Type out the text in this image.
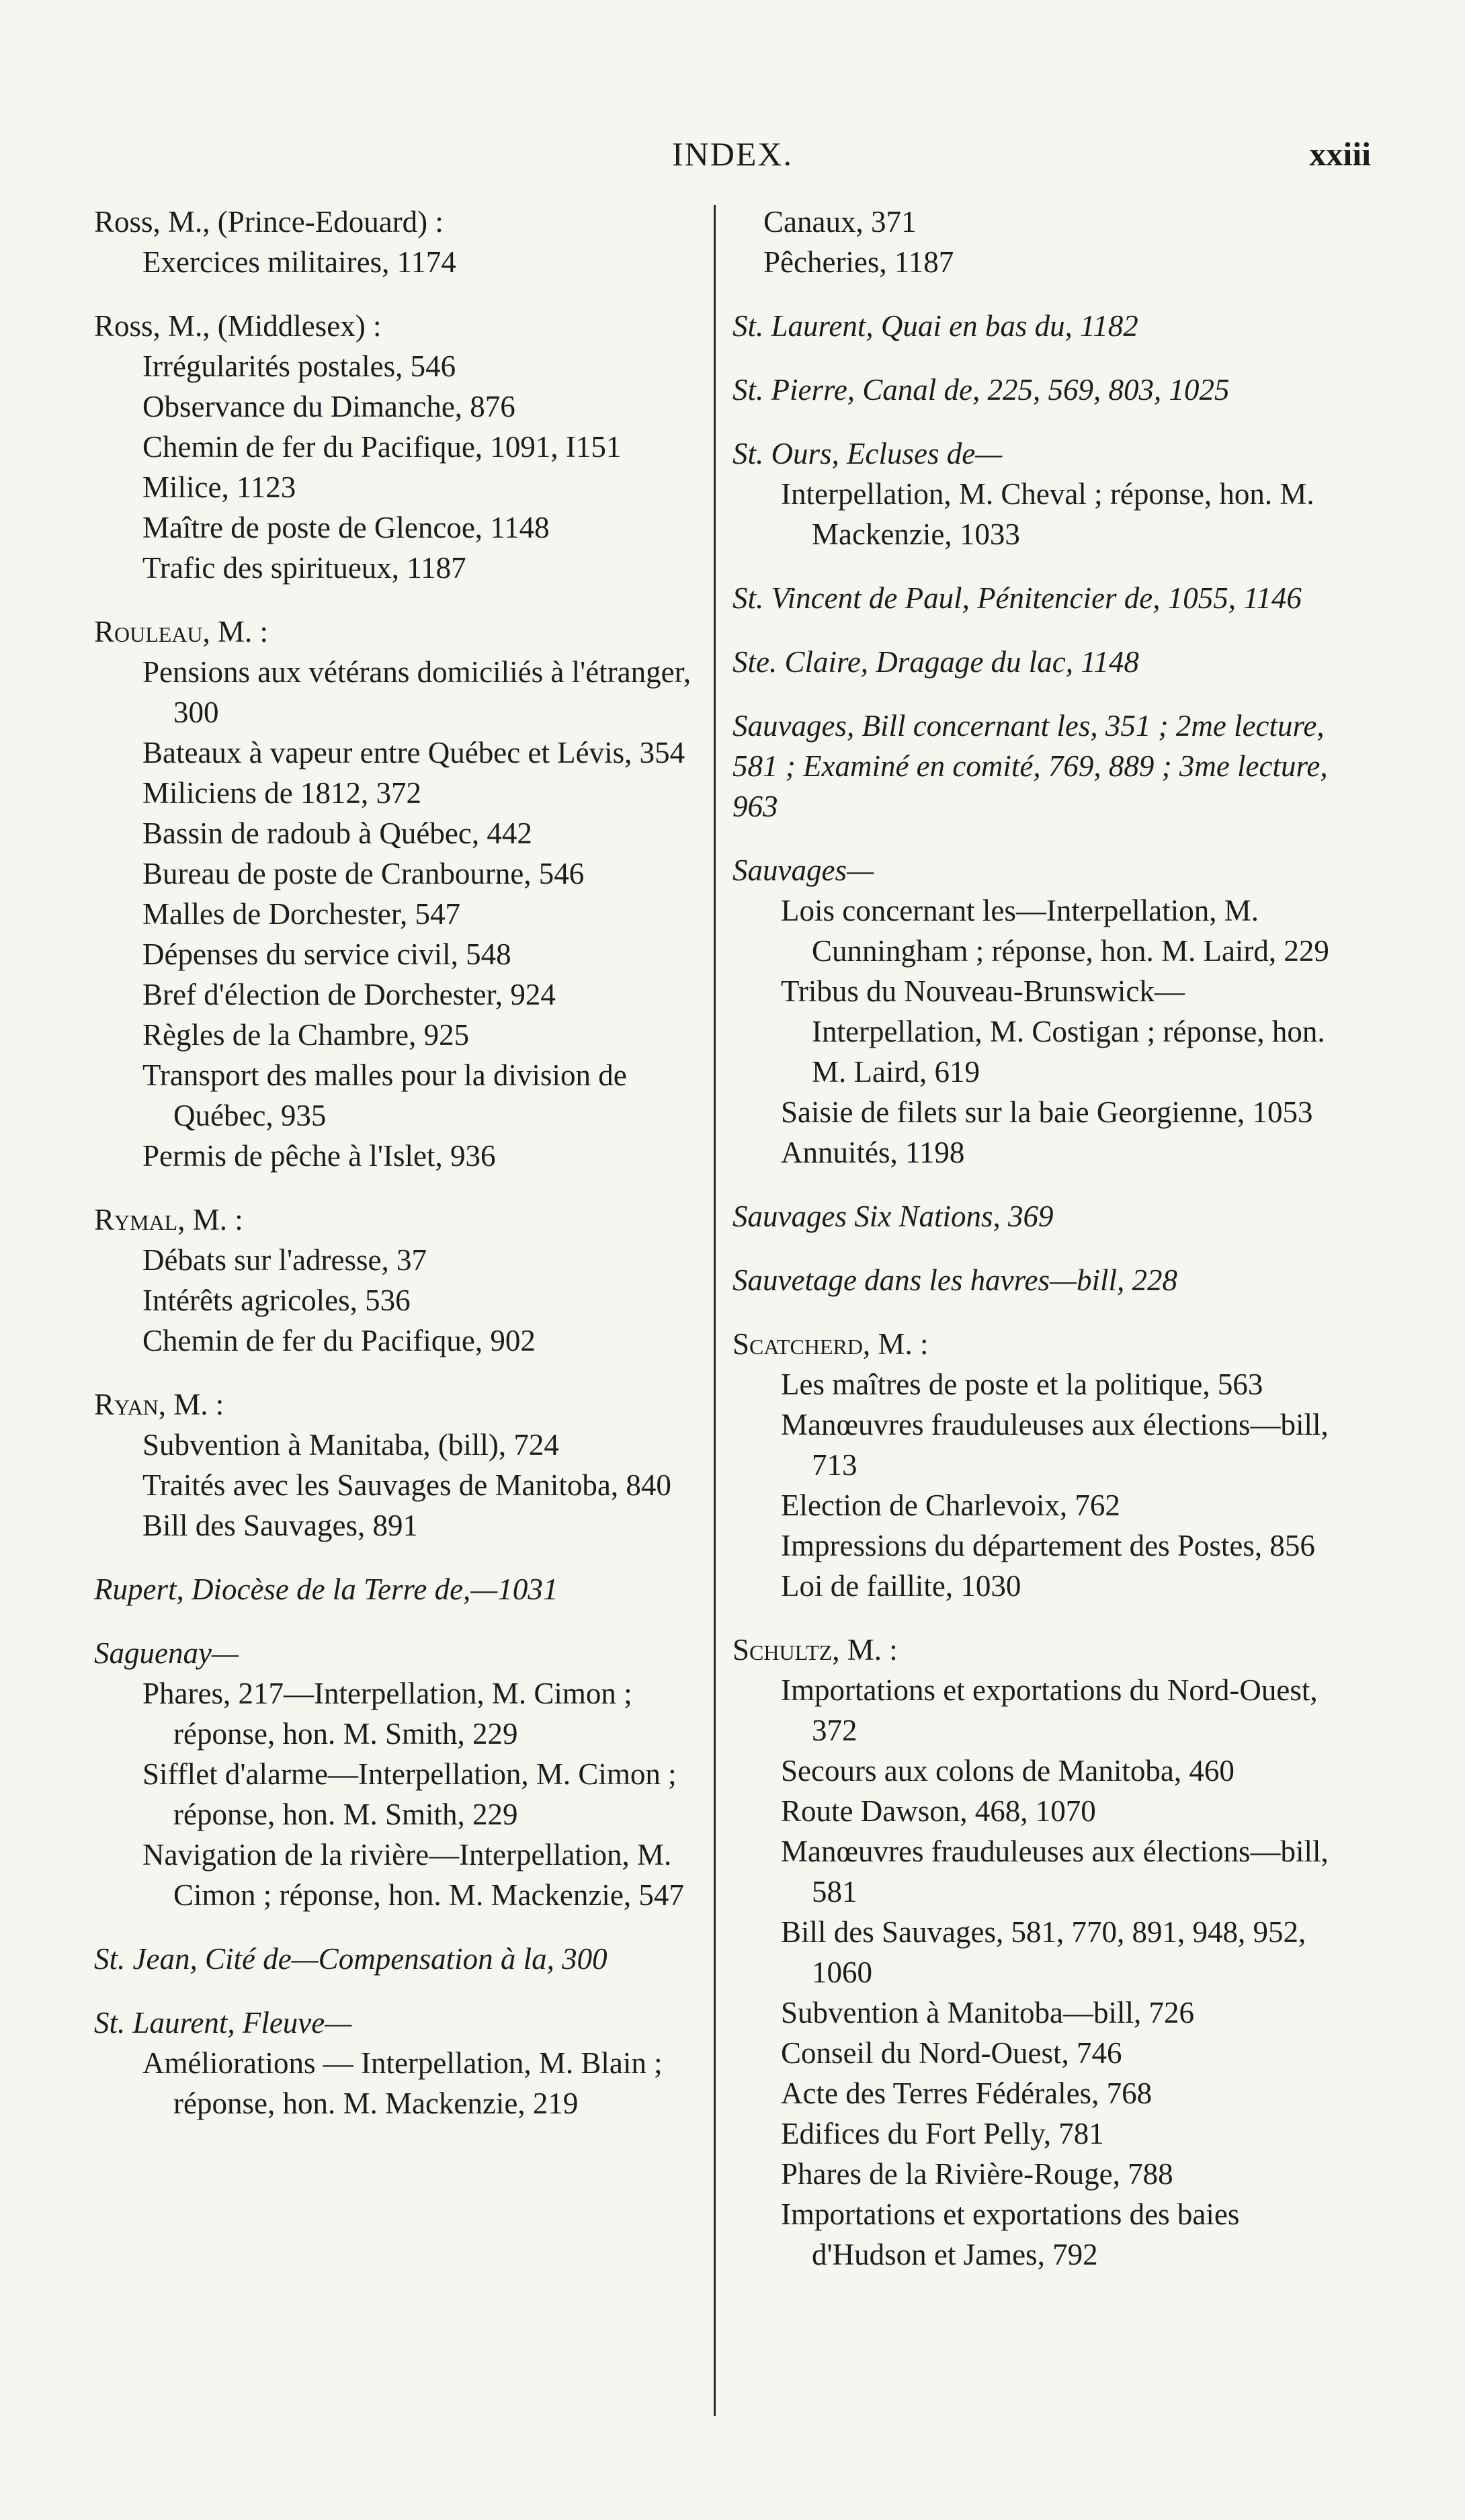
INDEX.	xxiii
Ross, M., (Prince-Edouard) :
Exercices militaires, 1174
Ross, M., (Middlesex) :
Irrégularités postales, 546
Observance du Dimanche, 876
Chemin de fer du Pacifique, 1091, I151
Milice, 1123
Maître de poste de Glencoe, 1148
Trafic des spiritueux, 1187
Rouleau, M. :
Pensions aux vétérans domiciliés à l'étranger, 300
Bateaux à vapeur entre Québec et Lévis, 354
Miliciens de 1812, 372
Bassin de radoub à Québec, 442
Bureau de poste de Cranbourne, 546
Malles de Dorchester, 547
Dépenses du service civil, 548
Bref d'élection de Dorchester, 924
Règles de la Chambre, 925
Transport des malles pour la division de Québec, 935
Permis de pêche à l'Islet, 936
Rymal, M. :
Débats sur l'adresse, 37
Intérêts agricoles, 536
Chemin de fer du Pacifique, 902
Ryan, M. :
Subvention à Manitaba, (bill), 724
Traités avec les Sauvages de Manitoba, 840
Bill des Sauvages, 891
Rupert, Diocèse de la Terre de,—1031
Saguenay—
Phares, 217—Interpellation, M. Cimon ; réponse, hon. M. Smith, 229
Sifflet d'alarme—Interpellation, M. Cimon ; réponse, hon. M. Smith, 229
Navigation de la rivière—Interpellation, M. Cimon ; réponse, hon. M. Mackenzie, 547
St. Jean, Cité de—Compensation à la, 300
St. Laurent, Fleuve—
Améliorations — Interpellation, M. Blain ; réponse, hon. M. Mackenzie, 219
Canaux, 371
Pêcheries, 1187
St. Laurent, Quai en bas du, 1182
St. Pierre, Canal de, 225, 569, 803, 1025
St. Ours, Ecluses de—
Interpellation, M. Cheval ; réponse, hon. M. Mackenzie, 1033
St. Vincent de Paul, Pénitencier de, 1055, 1146
Ste. Claire, Dragage du lac, 1148
Sauvages, Bill concernant les, 351 ; 2me lecture, 581 ; Examiné en comité, 769, 889 ; 3me lecture, 963
Sauvages—
Lois concernant les—Interpellation, M. Cunningham ; réponse, hon. M. Laird, 229
Tribus du Nouveau-Brunswick—Interpellation, M. Costigan ; réponse, hon. M. Laird, 619
Saisie de filets sur la baie Georgienne, 1053
Annuités, 1198
Sauvages Six Nations, 369
Sauvetage dans les havres—bill, 228
Scatcherd, M. :
Les maîtres de poste et la politique, 563
Manœuvres frauduleuses aux élections—bill, 713
Election de Charlevoix, 762
Impressions du département des Postes, 856
Loi de faillite, 1030
Schultz, M. :
Importations et exportations du Nord-Ouest, 372
Secours aux colons de Manitoba, 460
Route Dawson, 468, 1070
Manœuvres frauduleuses aux élections—bill, 581
Bill des Sauvages, 581, 770, 891, 948, 952, 1060
Subvention à Manitoba—bill, 726
Conseil du Nord-Ouest, 746
Acte des Terres Fédérales, 768
Edifices du Fort Pelly, 781
Phares de la Rivière-Rouge, 788
Importations et exportations des baies d'Hudson et James, 792
